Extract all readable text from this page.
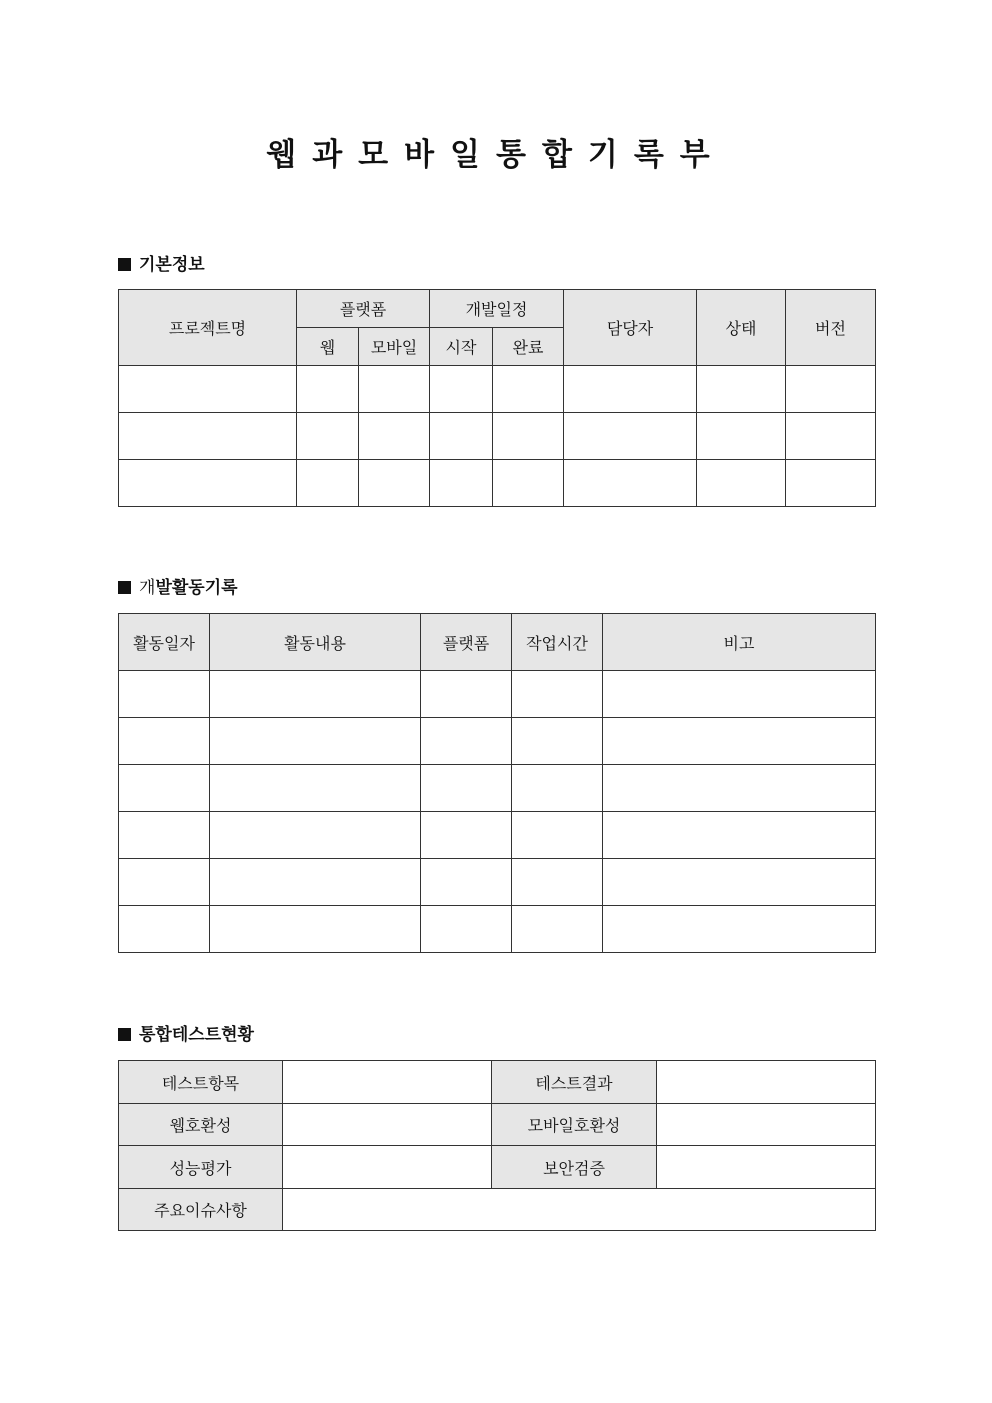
웹과모바일통합기록부
기본정보
프로젝트명	플랫폼		개발일정		담당자	상태	버전
	웹	모바일	시작	완료			

개발활동기록
활동일자	활동내용	플랫폼	작업시간	비고

통합테스트현황
테스트항목		테스트결과	
웹호환성		모바일호환성	
성능평가		보안검증	
주요이슈사항			
